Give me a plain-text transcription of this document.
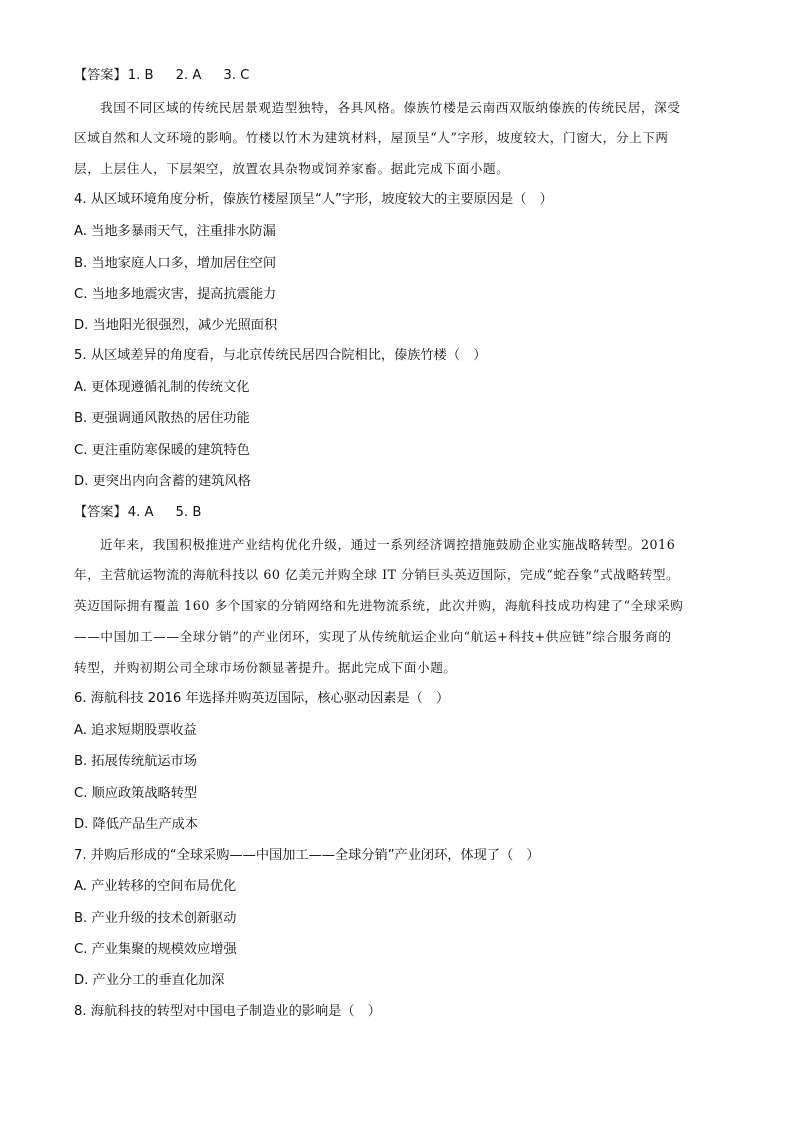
【答案】1. B 2. A 3. C
我国不同区域的传统民居景观造型独特，各具风格。傣族竹楼是云南西双版纳傣族的传统民居，深受
区域自然和人文环境的影响。竹楼以竹木为建筑材料，屋顶呈“人”字形，坡度较大，门窗大，分上下两
层，上层住人，下层架空，放置农具杂物或饲养家畜。据此完成下面小题。
4. 从区域环境角度分析，傣族竹楼屋顶呈“人”字形，坡度较大的主要原因是（　）
A. 当地多暴雨天气，注重排水防漏
B. 当地家庭人口多，增加居住空间
C. 当地多地震灾害，提高抗震能力
D. 当地阳光很强烈，减少光照面积
5. 从区域差异的角度看，与北京传统民居四合院相比，傣族竹楼（　）
A. 更体现遵循礼制的传统文化
B. 更强调通风散热的居住功能
C. 更注重防寒保暖的建筑特色
D. 更突出内向含蓄的建筑风格
【答案】4. A 5. B
近年来，我国积极推进产业结构优化升级，通过一系列经济调控措施鼓励企业实施战略转型。2016
年，主营航运物流的海航科技以 60 亿美元并购全球 IT 分销巨头英迈国际，完成“蛇吞象”式战略转型。
英迈国际拥有覆盖 160 多个国家的分销网络和先进物流系统，此次并购，海航科技成功构建了“全球采购
——中国加工——全球分销”的产业闭环，实现了从传统航运企业向“航运+科技+供应链”综合服务商的
转型，并购初期公司全球市场份额显著提升。据此完成下面小题。
6. 海航科技 2016 年选择并购英迈国际，核心驱动因素是（　）
A. 追求短期股票收益
B. 拓展传统航运市场
C. 顺应政策战略转型
D. 降低产品生产成本
7. 并购后形成的“全球采购——中国加工——全球分销”产业闭环，体现了（　）
A. 产业转移的空间布局优化
B. 产业升级的技术创新驱动
C. 产业集聚的规模效应增强
D. 产业分工的垂直化加深
8. 海航科技的转型对中国电子制造业的影响是（　）
